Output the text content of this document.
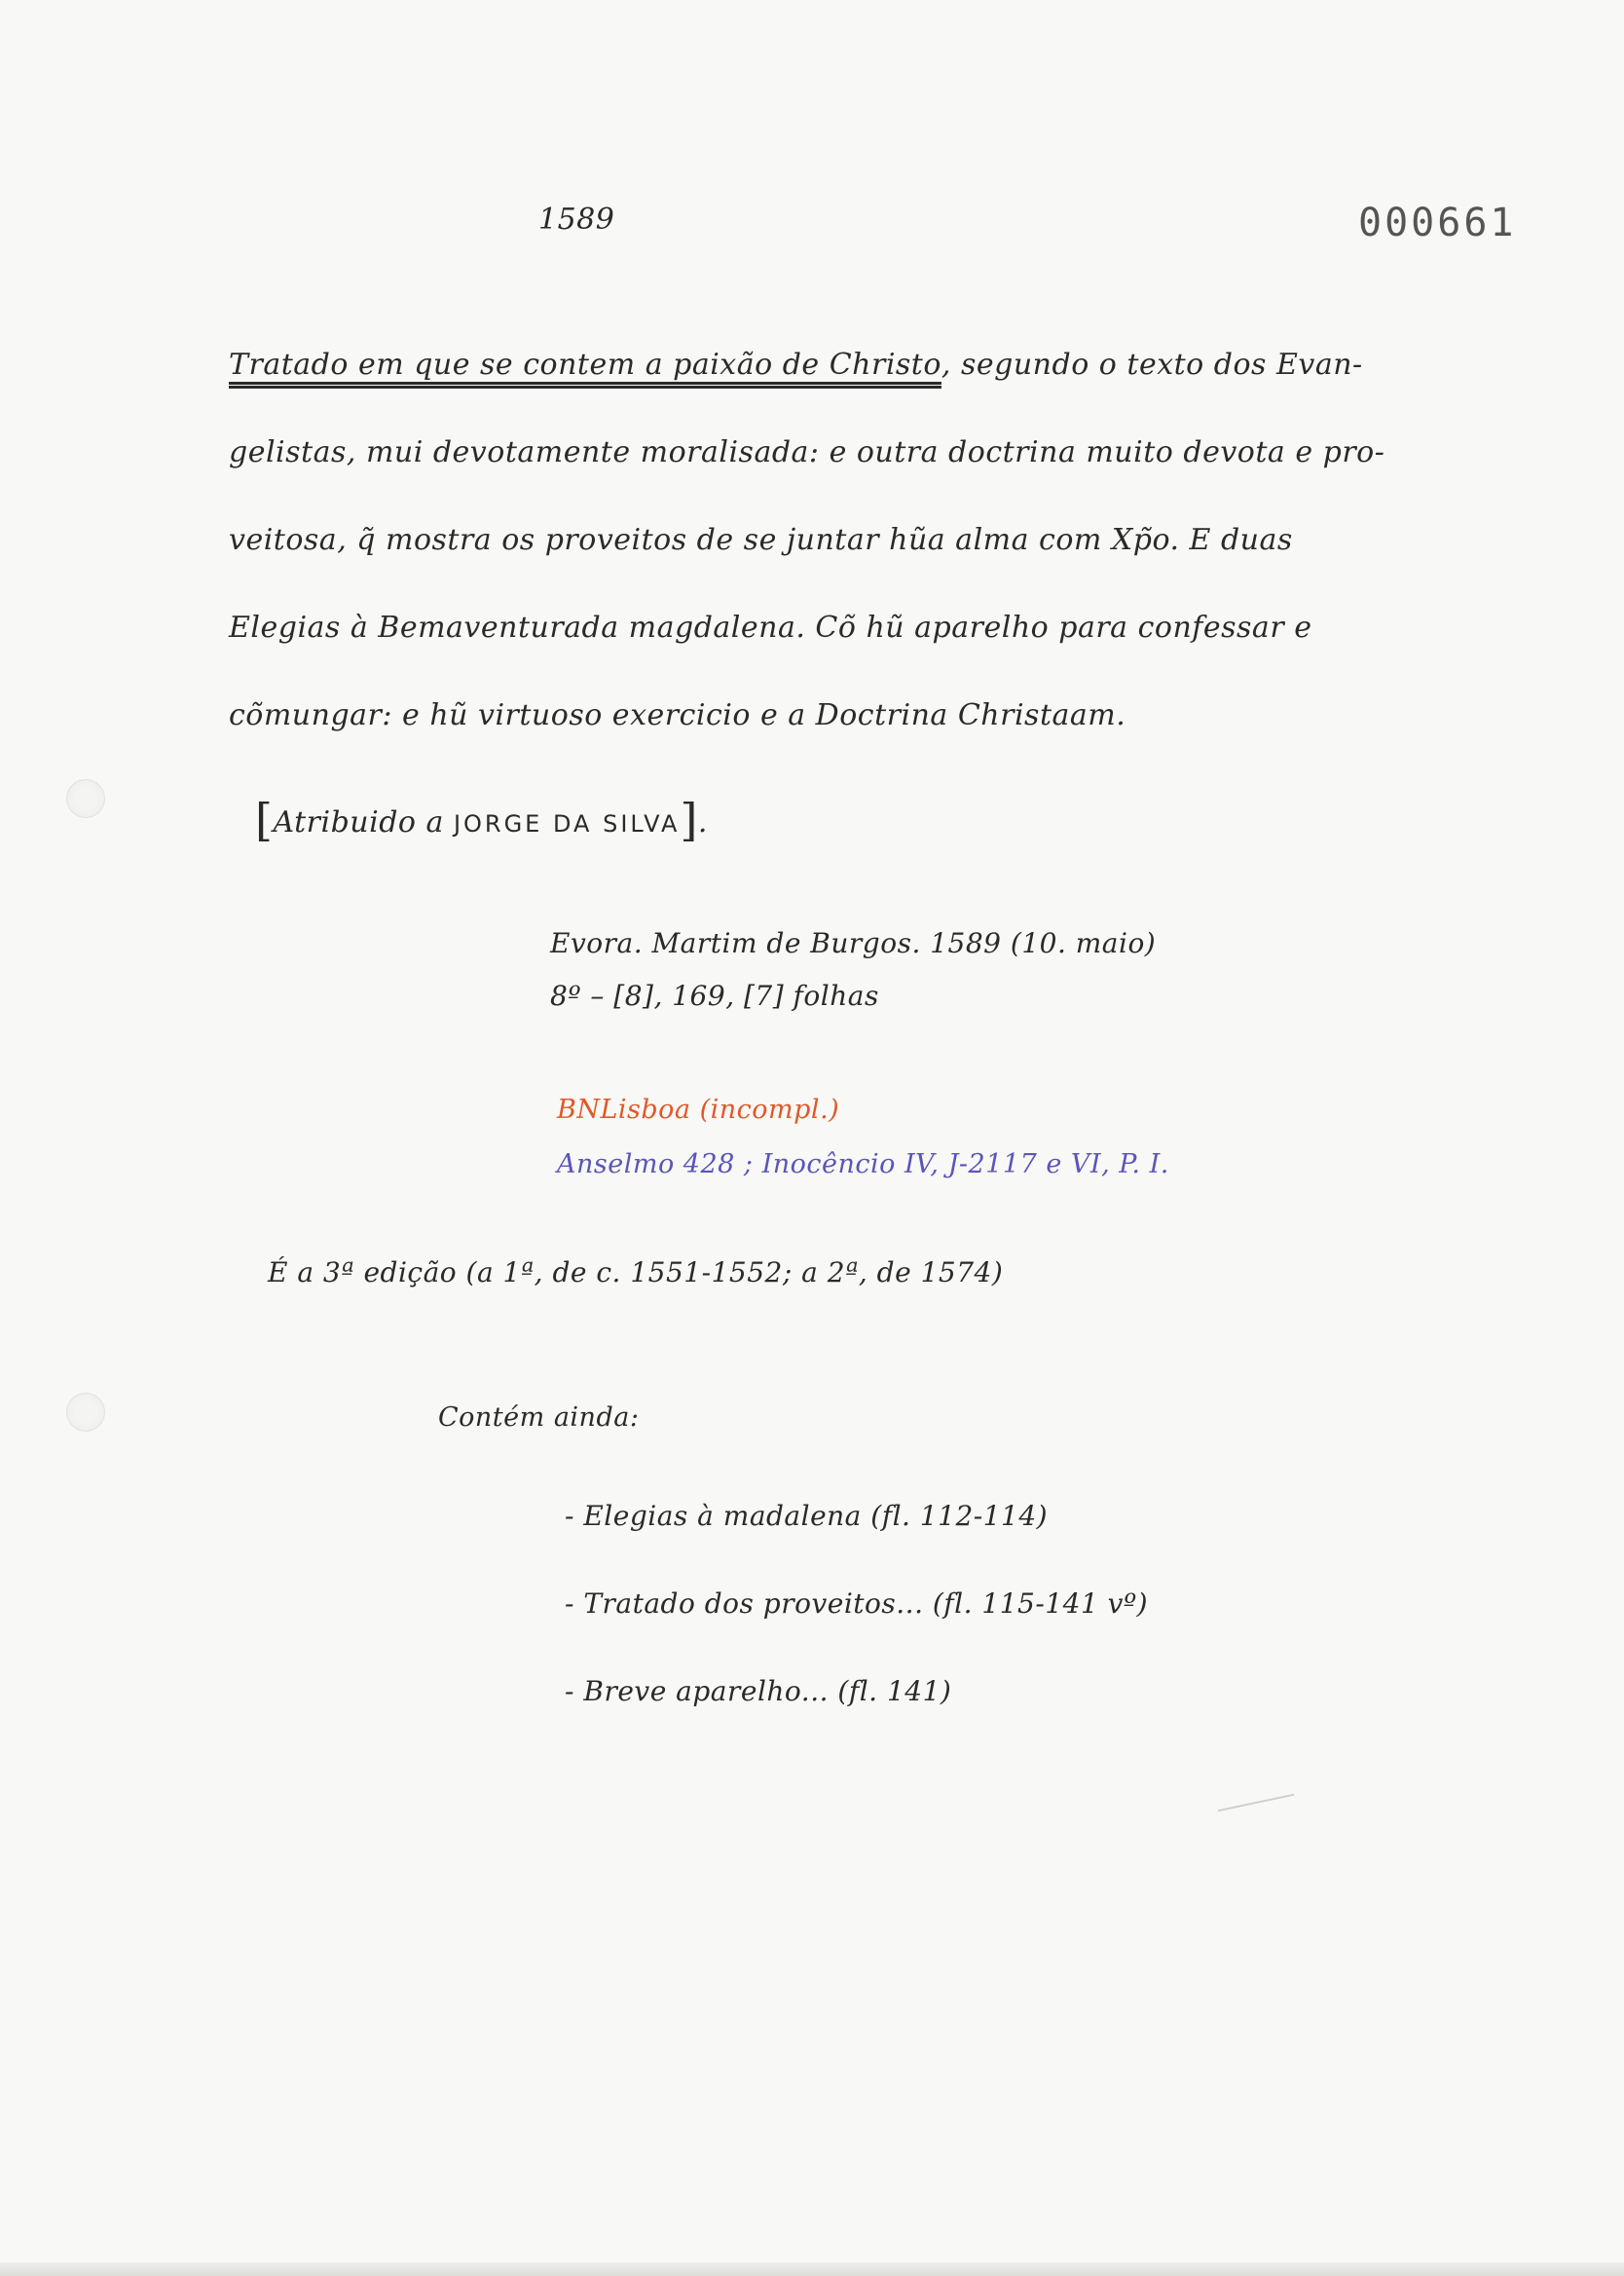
1589	000661
Tratado em que se contem a paixão de Christo, segundo o texto dos Evan-
gelistas, mui devotamente moralisada: e outra doctrina muito devota e pro-
veitosa, q̃ mostra os proveitos de se juntar hũa alma com Xp̃o. E duas
Elegias à Bemaventurada magdalena. Cõ hũ aparelho para confessar e
cõmungar: e hũ virtuoso exercicio e a Doctrina Christaam.
[Atribuido a JORGE DA SILVA].
Evora. Martim de Burgos. 1589 (10. maio)
8º – [8], 169, [7] folhas
BNLisboa (incompl.)
Anselmo 428 ; Inocêncio IV, J-2117 e VI, P. I.
É a 3ª edição (a 1ª, de c. 1551-1552; a 2ª, de 1574)
Contém ainda:
- Elegias à madalena (fl. 112-114)
- Tratado dos proveitos... (fl. 115-141 vº)
- Breve aparelho... (fl. 141)
